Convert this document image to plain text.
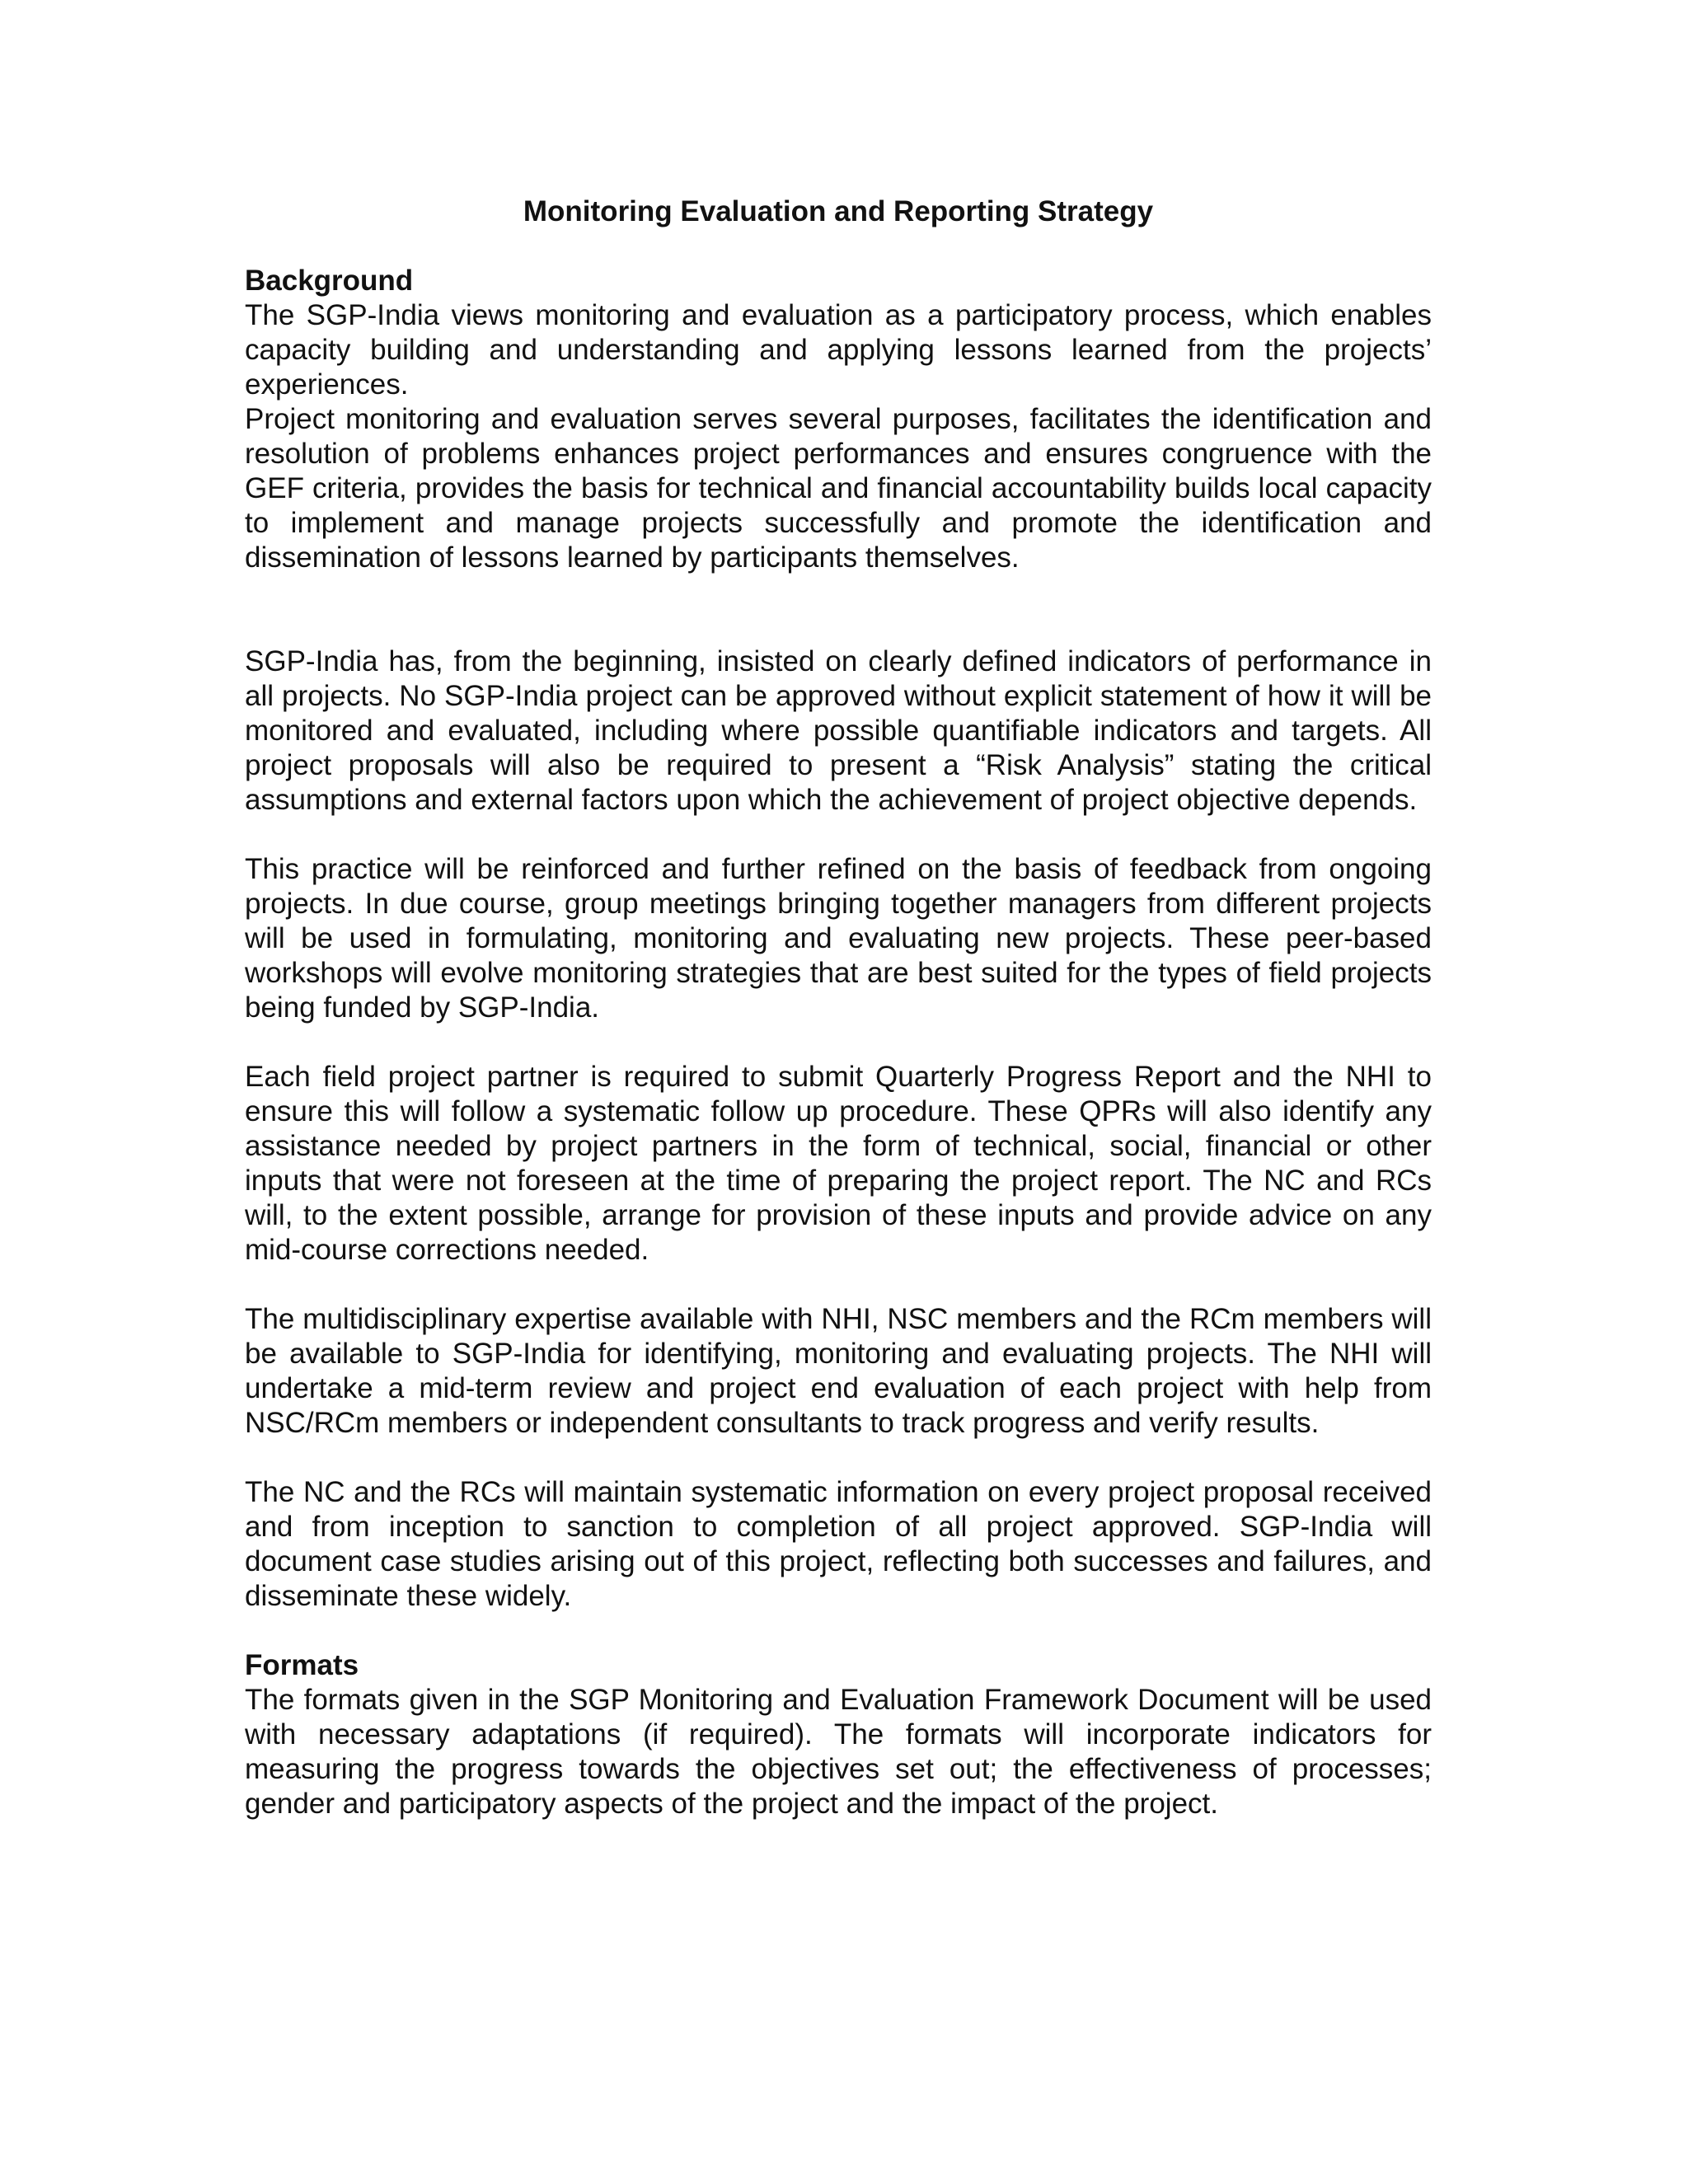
Monitoring Evaluation and Reporting Strategy
Background

The SGP-India views monitoring and evaluation as a participatory process, which enables capacity building and understanding and applying lessons learned from the projects’ experiences.

Project monitoring and evaluation serves several purposes, facilitates the identification and resolution of problems enhances project performances and ensures congruence with the GEF criteria, provides the basis for technical and financial accountability builds local capacity to implement and manage projects successfully and promote the identification and dissemination of lessons learned by participants themselves.

SGP-India has, from the beginning, insisted on clearly defined indicators of performance in all projects. No SGP-India project can be approved without explicit statement of how it will be monitored and evaluated, including where possible quantifiable indicators and targets. All project proposals will also be required to present a “Risk Analysis” stating the critical assumptions and external factors upon which the achievement of project objective depends.

This practice will be reinforced and further refined on the basis of feedback from ongoing projects. In due course, group meetings bringing together managers from different projects will be used in formulating, monitoring and evaluating new projects. These peer-based workshops will evolve monitoring strategies that are best suited for the types of field projects being funded by SGP-India.

Each field project partner is required to submit Quarterly Progress Report and the NHI to ensure this will follow a systematic follow up procedure. These QPRs will also identify any assistance needed by project partners in the form of technical, social, financial or other inputs that were not foreseen at the time of preparing the project report. The NC and RCs will, to the extent possible, arrange for provision of these inputs and provide advice on any mid-course corrections needed.

The multidisciplinary expertise available with NHI, NSC members and the RCm members will be available to SGP-India for identifying, monitoring and evaluating projects. The NHI will undertake a mid-term review and project end evaluation of each project with help from NSC/RCm members or independent consultants to track progress and verify results.

The NC and the RCs will maintain systematic information on every project proposal received and from inception to sanction to completion of all project approved. SGP-India will document case studies arising out of this project, reflecting both successes and failures, and disseminate these widely.

Formats

The formats given in the SGP Monitoring and Evaluation Framework Document will be used with necessary adaptations (if required). The formats will incorporate indicators for measuring the progress towards the objectives set out; the effectiveness of processes; gender and participatory aspects of the project and the impact of the project.
